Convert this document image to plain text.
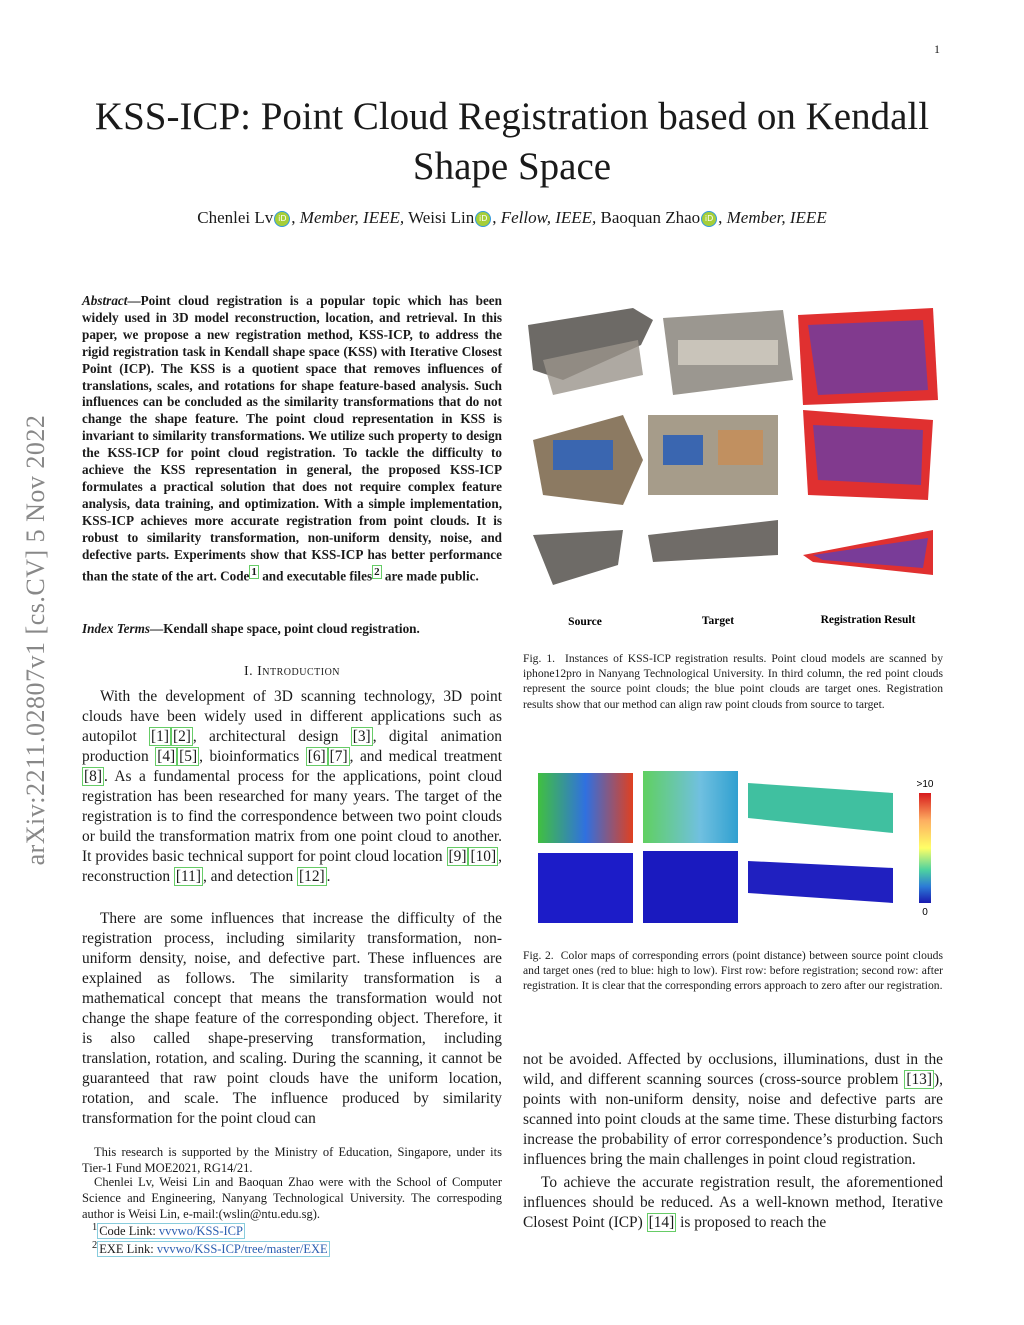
1
KSS-ICP: Point Cloud Registration based on Kendall Shape Space
Chenlei Lv iD , Member, IEEE, Weisi Lin iD , Fellow, IEEE, Baoquan Zhao iD , Member, IEEE
arXiv:2211.02807v1 [cs.CV] 5 Nov 2022
Abstract—Point cloud registration is a popular topic which has been widely used in 3D model reconstruction, location, and retrieval. In this paper, we propose a new registration method, KSS-ICP, to address the rigid registration task in Kendall shape space (KSS) with Iterative Closest Point (ICP). The KSS is a quotient space that removes influences of translations, scales, and rotations for shape feature-based analysis. Such influences can be concluded as the similarity transformations that do not change the shape feature. The point cloud representation in KSS is invariant to similarity transformations. We utilize such property to design the KSS-ICP for point cloud registration. To tackle the difficulty to achieve the KSS representation in general, the proposed KSS-ICP formulates a practical solution that does not require complex feature analysis, data training, and optimization. With a simple implementation, KSS-ICP achieves more accurate registration from point clouds. It is robust to similarity transformation, non-uniform density, noise, and defective parts. Experiments show that KSS-ICP has better performance than the state of the art. Code $^1$ and executable files $^2$ are made public.
Index Terms—Kendall shape space, point cloud registration.
I. Introduction
With the development of 3D scanning technology, 3D point clouds have been widely used in different applications such as autopilot [1] [2] , architectural design [3] , digital animation production [4] [5] , bioinformatics [6] [7] , and medical treatment [8] . As a fundamental process for the applications, point cloud registration has been researched for many years. The target of the registration is to find the correspondence between two point clouds or build the transformation matrix from one point cloud to another. It provides basic technical support for point cloud location [9] [10] , reconstruction [11] , and detection [12] .
There are some influences that increase the difficulty of the registration process, including similarity transformation, non-uniform density, noise, and defective part. These influences are explained as follows. The similarity transformation is a mathematical concept that means the transformation would not change the shape feature of the corresponding object. Therefore, it is also called shape-preserving transformation, including translation, rotation, and scaling. During the scanning, it cannot be guaranteed that raw point clouds have the uniform location, rotation, and scale. The influence produced by similarity transformation for the point cloud can
This research is supported by the Ministry of Education, Singapore, under its Tier-1 Fund MOE2021, RG14/21.
Chenlei Lv, Weisi Lin and Baoquan Zhao were with the School of Computer Science and Engineering, Nanyang Technological University. The correspoding author is Weisi Lin, e-mail:(wslin@ntu.edu.sg).
$^1$ Code Link: vvvwo/KSS-ICP
$^2$ EXE Link: vvvwo/KSS-ICP/tree/master/EXE
Source	Target	Registration Result
Fig. 1. Instances of KSS-ICP registration results. Point cloud models are scanned by iphone12pro in Nanyang Technological University. In third column, the red point clouds represent the source point clouds; the blue point clouds are target ones. Registration results show that our method can align raw point clouds from source to target.
>10
0
Fig. 2. Color maps of corresponding errors (point distance) between source point clouds and target ones (red to blue: high to low). First row: before registration; second row: after registration. It is clear that the corresponding errors approach to zero after our registration.

not be avoided. Affected by occlusions, illuminations, dust in the wild, and different scanning sources (cross-source problem [13] ), points with non-uniform density, noise and defective parts are scanned into point clouds at the same time. These disturbing factors increase the probability of error correspondence’s production. Such influences bring the main challenges in point cloud registration.

To achieve the accurate registration result, the aforementioned influences should be reduced. As a well-known method, Iterative Closest Point (ICP) [14] is proposed to reach the
